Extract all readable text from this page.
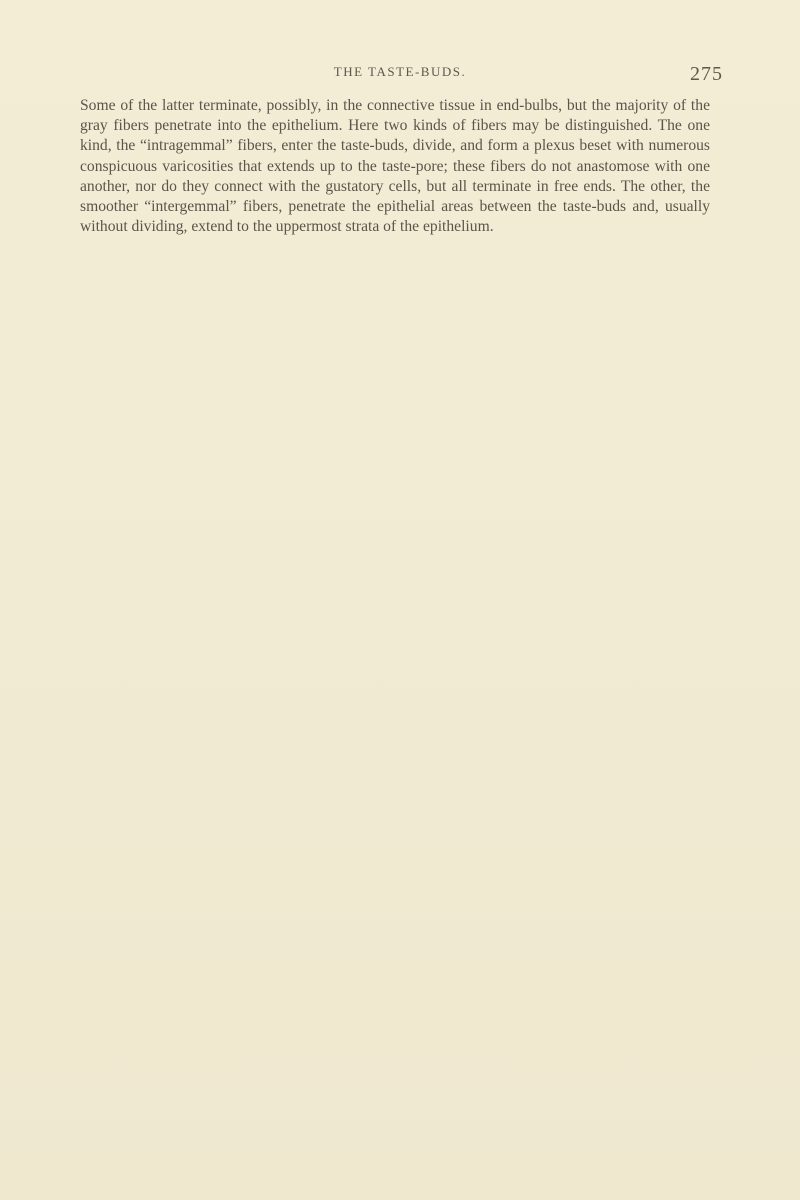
THE TASTE-BUDS.	275

Some of the latter terminate, possibly, in the connective tissue in end-bulbs, but the majority of the gray fibers penetrate into the epithelium. Here two kinds of fibers may be distinguished. The one kind, the “intragemmal” fibers, enter the taste-buds, divide, and form a plexus beset with numerous conspicuous varicosities that extends up to the taste-pore; these fibers do not anastomose with one another, nor do they connect with the gustatory cells, but all terminate in free ends. The other, the smoother “intergemmal” fibers, penetrate the epithelial areas between the taste-buds and, usually without dividing, extend to the uppermost strata of the epithelium.
